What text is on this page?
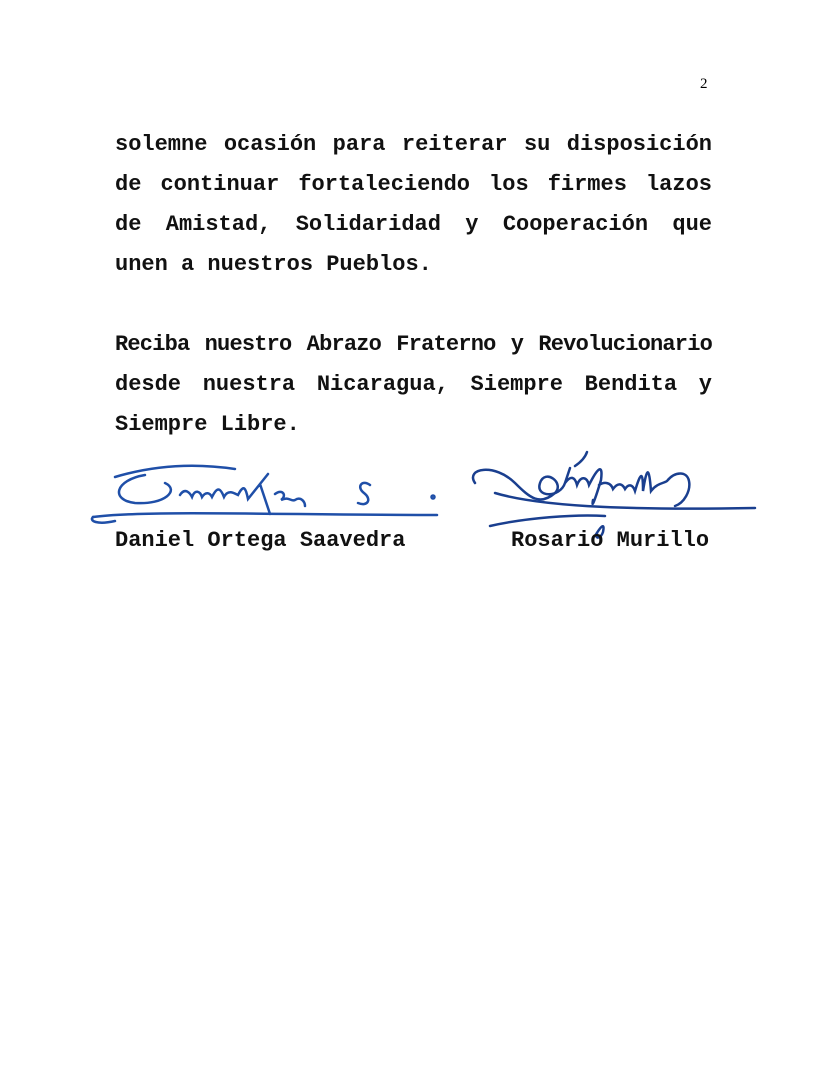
2
solemne ocasión para reiterar su disposición
de continuar fortaleciendo los firmes lazos
de Amistad, Solidaridad y Cooperación que
unen a nuestros Pueblos.
Reciba nuestro Abrazo Fraterno y Revolucionario
desde nuestra Nicaragua, Siempre Bendita y
Siempre Libre.
Daniel Ortega Saavedra	Rosario Murillo
